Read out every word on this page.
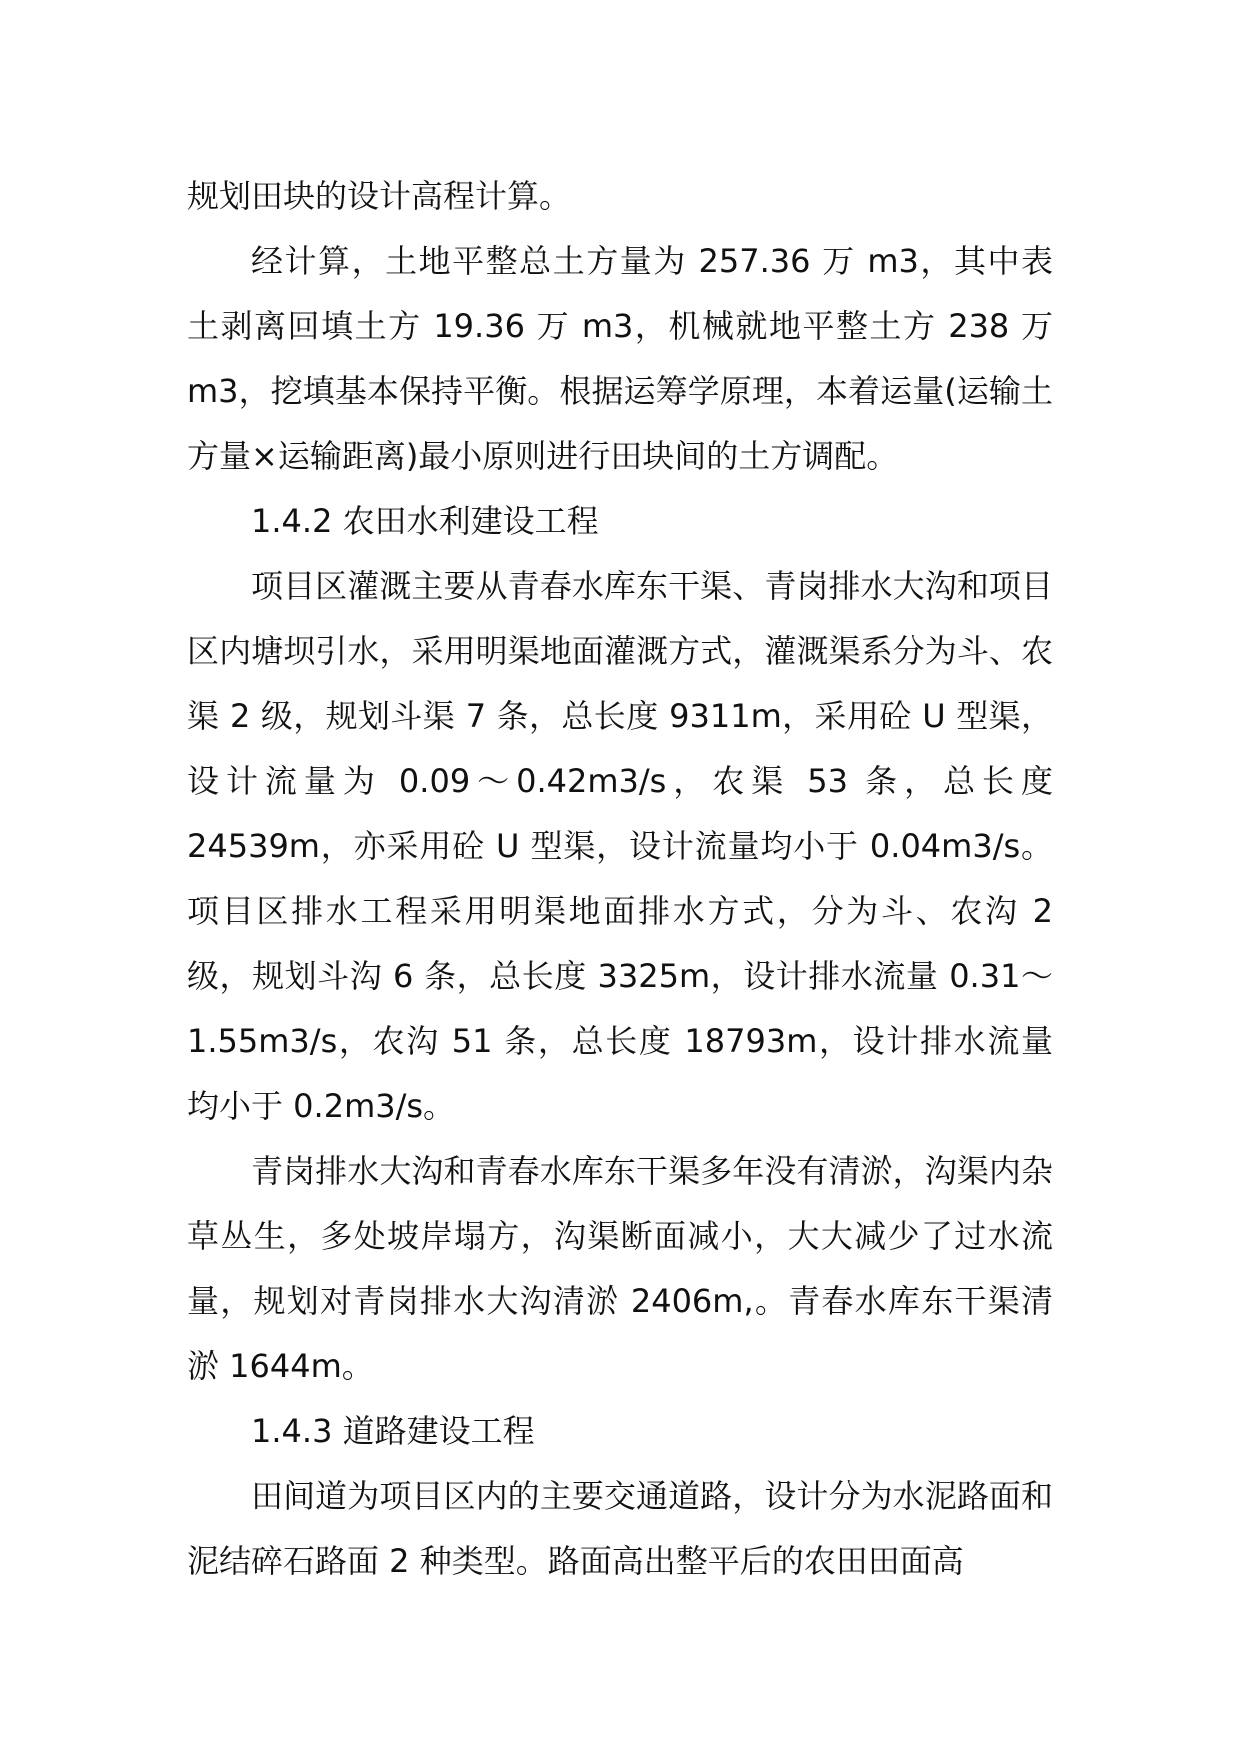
规划田块的设计高程计算。

经计算，土地平整总土方量为 257.36 万 m3，其中表土剥离回填土方 19.36 万 m3，机械就地平整土方 238 万 m3，挖填基本保持平衡。根据运筹学原理，本着运量(运输土方量×运输距离)最小原则进行田块间的土方调配。

1.4.2 农田水利建设工程

项目区灌溉主要从青春水库东干渠、青岗排水大沟和项目区内塘坝引水，采用明渠地面灌溉方式，灌溉渠系分为斗、农渠 2 级，规划斗渠 7 条，总长度 9311m，采用砼 U 型渠，设计流量为 0.09～0.42m3/s，农渠 53 条，总长度 24539m，亦采用砼 U 型渠，设计流量均小于 0.04m3/s。项目区排水工程采用明渠地面排水方式，分为斗、农沟 2 级，规划斗沟 6 条，总长度 3325m，设计排水流量 0.31～1.55m3/s，农沟 51 条，总长度 18793m，设计排水流量均小于 0.2m3/s。

青岗排水大沟和青春水库东干渠多年没有清淤，沟渠内杂草丛生，多处坡岸塌方，沟渠断面减小，大大减少了过水流量，规划对青岗排水大沟清淤 2406m,。青春水库东干渠清淤 1644m。

1.4.3 道路建设工程

田间道为项目区内的主要交通道路，设计分为水泥路面和泥结碎石路面 2 种类型。路面高出整平后的农田田面高
